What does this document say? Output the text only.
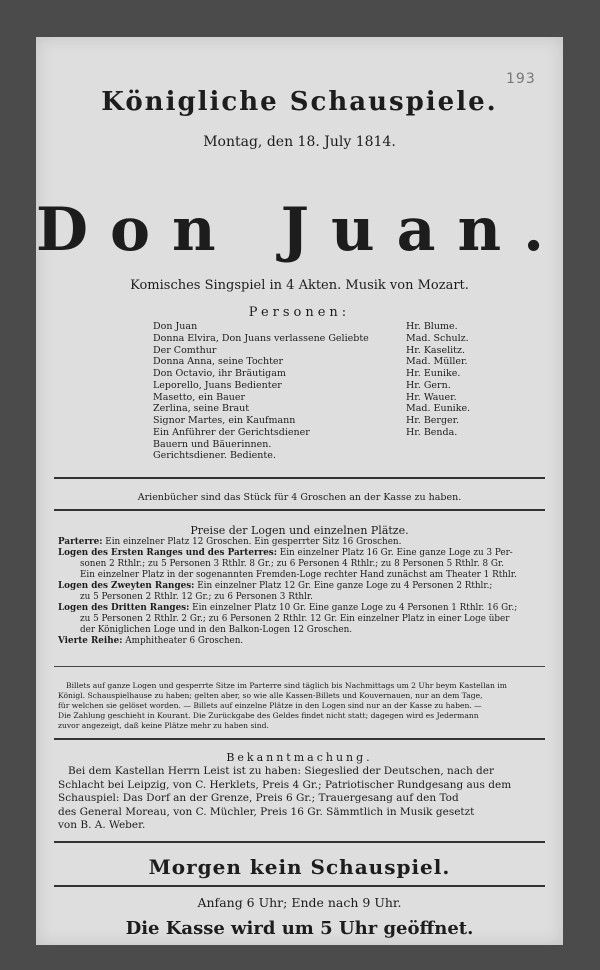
193
Königliche Schauspiele.
Montag, den 18. July 1814.
Don Juan.
Komisches Singspiel in 4 Akten. Musik von Mozart.
Personen:
Don Juan	Hr. Blume.
Donna Elvira, Don Juans verlassene Geliebte	Mad. Schulz.
Der Comthur	Hr. Kaselitz.
Donna Anna, seine Tochter	Mad. Müller.
Don Octavio, ihr Bräutigam	Hr. Eunike.
Leporello, Juans Bedienter	Hr. Gern.
Masetto, ein Bauer	Hr. Wauer.
Zerlina, seine Braut	Mad. Eunike.
Signor Martes, ein Kaufmann	Hr. Berger.
Ein Anführer der Gerichtsdiener	Hr. Benda.
Bauern und Bäuerinnen.
Gerichtsdiener. Bediente.
Arienbücher sind das Stück für 4 Groschen an der Kasse zu haben.
Preise der Logen und einzelnen Plätze.
Parterre: Ein einzelner Platz 12 Groschen. Ein gesperrter Sitz 16 Groschen.
Logen des Ersten Ranges und des Parterres: Ein einzelner Platz 16 Gr. Eine ganze Loge zu 3 Per-
sonen 2 Rthlr.; zu 5 Personen 3 Rthlr. 8 Gr.; zu 6 Personen 4 Rthlr.; zu 8 Personen 5 Rthlr. 8 Gr.
Ein einzelner Platz in der sogenannten Fremden-Loge rechter Hand zunächst am Theater 1 Rthlr.
Logen des Zweyten Ranges: Ein einzelner Platz 12 Gr. Eine ganze Loge zu 4 Personen 2 Rthlr.;
zu 5 Personen 2 Rthlr. 12 Gr.; zu 6 Personen 3 Rthlr.
Logen des Dritten Ranges: Ein einzelner Platz 10 Gr. Eine ganze Loge zu 4 Personen 1 Rthlr. 16 Gr.;
zu 5 Personen 2 Rthlr. 2 Gr.; zu 6 Personen 2 Rthlr. 12 Gr. Ein einzelner Platz in einer Loge über
der Königlichen Loge und in den Balkon-Logen 12 Groschen.
Vierte Reihe: Amphitheater 6 Groschen.
Billets auf ganze Logen und gesperrte Sitze im Parterre sind täglich bis Nachmittags um 2 Uhr beym Kastellan im
Königl. Schauspielhause zu haben; gelten aber, so wie alle Kassen-Billets und Kouvernauen, nur an dem Tage,
für welchen sie gelöset worden. — Billets auf einzelne Plätze in den Logen sind nur an der Kasse zu haben. —
Die Zahlung geschieht in Kourant. Die Zurückgabe des Geldes findet nicht statt; dagegen wird es Jedermann
zuvor angezeigt, daß keine Plätze mehr zu haben sind.
Bekanntmachung.
Bei dem Kastellan Herrn Leist ist zu haben: Siegeslied der Deutschen, nach der
Schlacht bei Leipzig, von C. Herklets, Preis 4 Gr.; Patriotischer Rundgesang aus dem
Schauspiel: Das Dorf an der Grenze, Preis 6 Gr.; Trauergesang auf den Tod
des General Moreau, von C. Müchler, Preis 16 Gr. Sämmtlich in Musik gesetzt
von B. A. Weber.
Morgen kein Schauspiel.
Anfang 6 Uhr; Ende nach 9 Uhr.
Die Kasse wird um 5 Uhr geöffnet.
